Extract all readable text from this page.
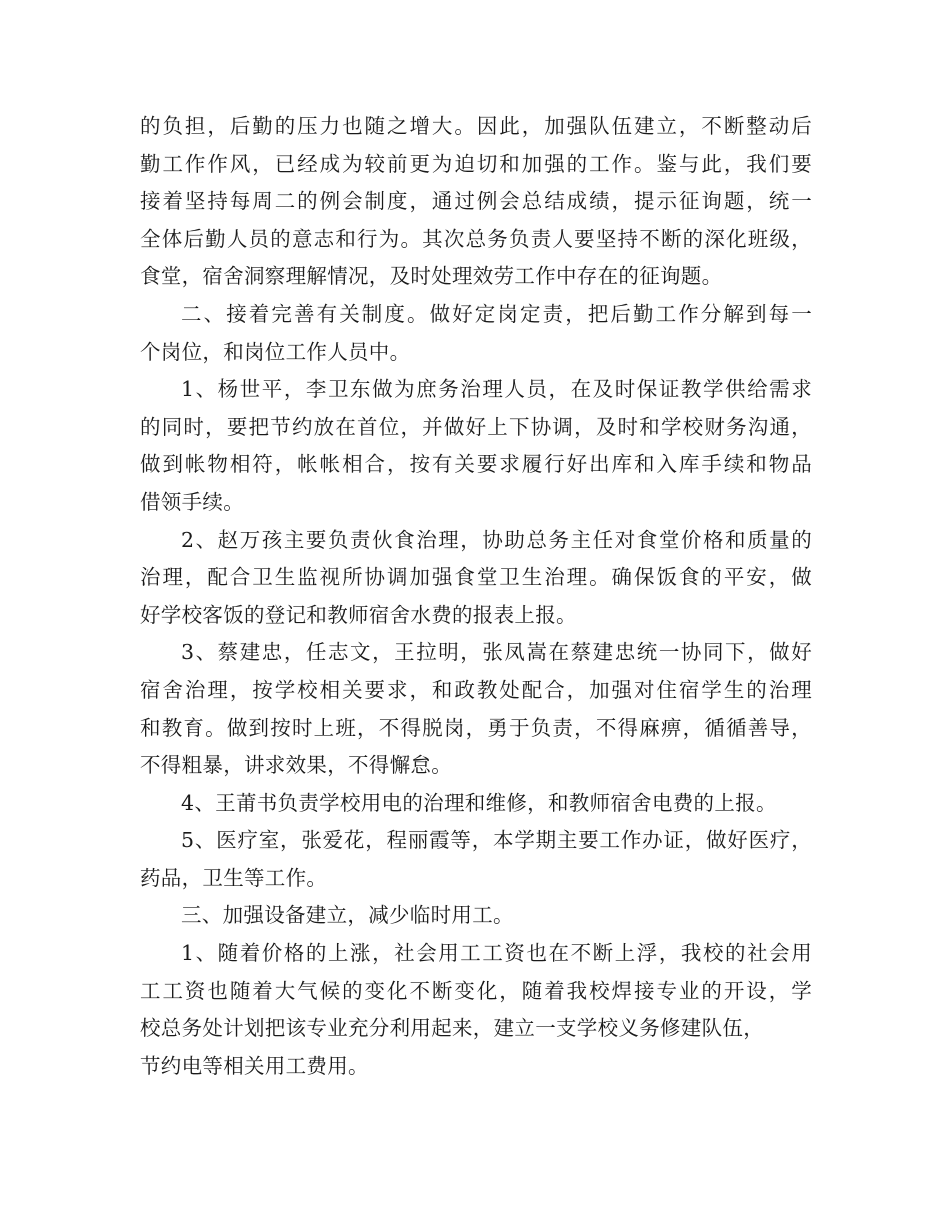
的负担，后勤的压力也随之增大。因此，加强队伍建立，不断整动后
勤工作作风，已经成为较前更为迫切和加强的工作。鉴与此，我们要
接着坚持每周二的例会制度，通过例会总结成绩，提示征询题，统一
全体后勤人员的意志和行为。其次总务负责人要坚持不断的深化班级，
食堂，宿舍洞察理解情况，及时处理效劳工作中存在的征询题。
二、接着完善有关制度。做好定岗定责，把后勤工作分解到每一
个岗位，和岗位工作人员中。
1、杨世平，李卫东做为庶务治理人员，在及时保证教学供给需求
的同时，要把节约放在首位，并做好上下协调，及时和学校财务沟通，
做到帐物相符，帐帐相合，按有关要求履行好出库和入库手续和物品
借领手续。
2、赵万孩主要负责伙食治理，协助总务主任对食堂价格和质量的
治理，配合卫生监视所协调加强食堂卫生治理。确保饭食的平安，做
好学校客饭的登记和教师宿舍水费的报表上报。
3、蔡建忠，任志文，王拉明，张凤嵩在蔡建忠统一协同下，做好
宿舍治理，按学校相关要求，和政教处配合，加强对住宿学生的治理
和教育。做到按时上班，不得脱岗，勇于负责，不得麻痹，循循善导，
不得粗暴，讲求效果，不得懈怠。
4、王莆书负责学校用电的治理和维修，和教师宿舍电费的上报。
5、医疗室，张爱花，程丽霞等，本学期主要工作办证，做好医疗，
药品，卫生等工作。
三、加强设备建立，减少临时用工。
1、随着价格的上涨，社会用工工资也在不断上浮，我校的社会用
工工资也随着大气候的变化不断变化，随着我校焊接专业的开设，学
校总务处计划把该专业充分利用起来，建立一支学校义务修建队伍，
节约电等相关用工费用。
